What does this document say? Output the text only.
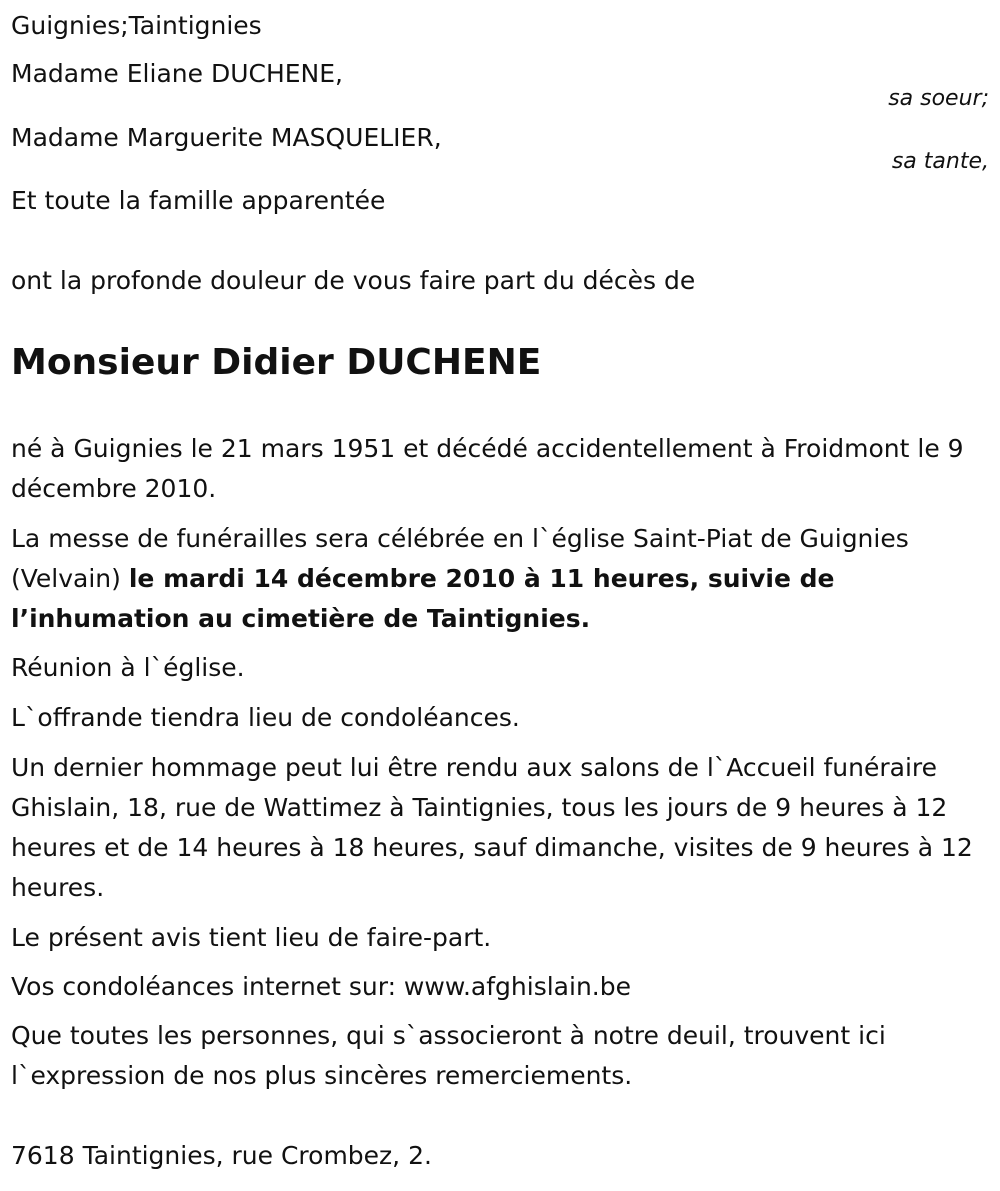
Guignies;Taintignies
Madame Eliane DUCHENE,
sa soeur;
Madame Marguerite MASQUELIER,
sa tante,
Et toute la famille apparentée
ont la profonde douleur de vous faire part du décès de
Monsieur Didier DUCHENE
né à Guignies le 21 mars 1951 et décédé accidentellement à Froidmont le 9 décembre 2010.
La messe de funérailles sera célébrée en l`église Saint-Piat de Guignies (Velvain) le mardi 14 décembre 2010 à 11 heures, suivie de l’inhumation au cimetière de Taintignies.
Réunion à l`église.
L`offrande tiendra lieu de condoléances.
Un dernier hommage peut lui être rendu aux salons de l`Accueil funéraire Ghislain, 18, rue de Wattimez à Taintignies, tous les jours de 9 heures à 12 heures et de 14 heures à 18 heures, sauf dimanche, visites de 9 heures à 12 heures.
Le présent avis tient lieu de faire-part.
Vos condoléances internet sur: www.afghislain.be
Que toutes les personnes, qui s`associeront à notre deuil, trouvent ici l`expression de nos plus sincères remerciements.
7618 Taintignies, rue Crombez, 2.
